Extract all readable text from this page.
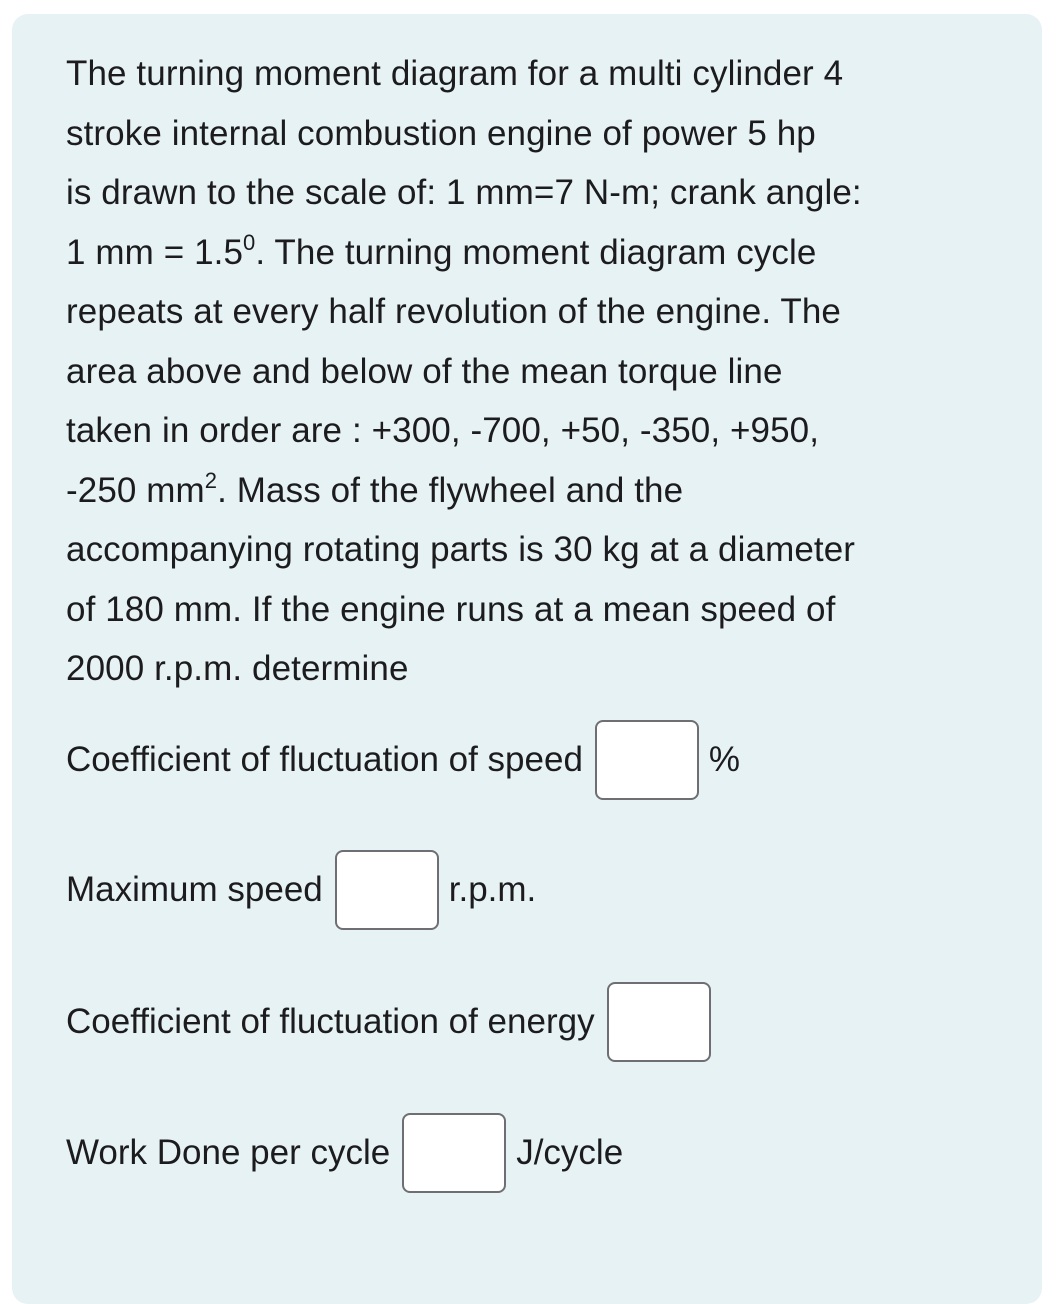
The turning moment diagram for a multi cylinder 4
stroke internal combustion engine of power 5 hp
is drawn to the scale of: 1 mm=7 N-m; crank angle:
1 mm = $1.5^0$. The turning moment diagram cycle
repeats at every half revolution of the engine. The
area above and below of the mean torque line
taken in order are : +300, -700, +50, -350, +950,
-250 $mm^2$. Mass of the flywheel and the
accompanying rotating parts is 30 kg at a diameter
of 180 mm. If the engine runs at a mean speed of
2000 r.p.m. determine
Coefficient of fluctuation of speed	%
Maximum speed	r.p.m.
Coefficient of fluctuation of energy
Work Done per cycle	J/cycle
